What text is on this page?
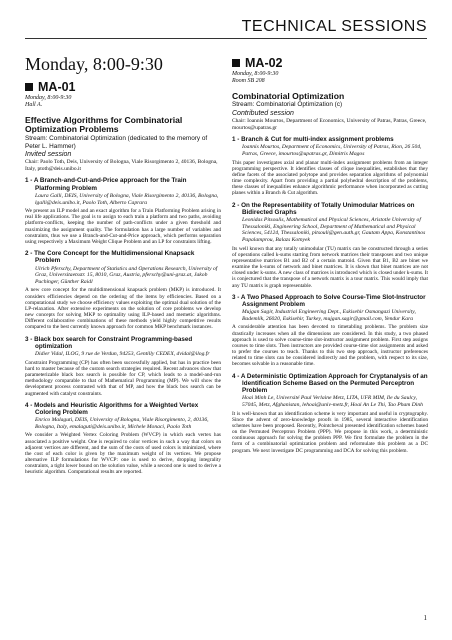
TECHNICAL SESSIONS
Monday, 8:00-9:30
MA-01
Monday, 8:00-9:30
Hall A.
Effective Algorithms for Combinatorial Optimization Problems
Stream: Combinatorial Optimization (dedicated to the memory of Peter L. Hammer)
Invited session
Chair: Paolo Toth, Deis, University of Bologna, Viale Risorgimento 2, 40136, Bologna, Italy, ptoth@deis.unibo.it
1 - A Branch-and-Cut-and-Price approach for the Train Platforming Problem
Laura Galli, DEIS, University of Bologna, Viale Risorgimento 2, 40136, Bologna, lgalli@deis.unibo.it, Paolo Toth, Alberto Caprara
We present an ILP model and an exact algorithm for a Train Platforming Problem arising in real life applications. The goal is to assign to each train a platform and two paths, avoiding platform-conflicts, keeping the number of path-conflicts under a given threshold and maximizing the assignment quality. The formulation has a large number of variables and constraints, thus we use a Branch-and-Cut-and-Price approach, which performs separation using respectively a Maximum Weight Clique Problem and an LP for constraints lifting.
2 - The Core Concept for the Multidimensional Knapsack Problem
Ulrich Pferschy, Department of Statistics and Operations Research, University of Graz, Universitaetsstr. 15, 8010, Graz, Austria, pferschy@uni-graz.at, Jakob Puchinger, Günther Raidl
A new core concept for the multidimensional knapsack problem (MKP) is introduced. It considers efficiencies depend on the ordering of the items by efficiencies. Based on a computational study we choose efficiency values exploiting the optimal dual solution of the LP-relaxation. After extensive experiments on the solution of core problems we develop new concepts for solving MKP to optimality using ILP-based and memetic algorithms. Different collaborative combinations of these methods yield highly competitive results compared to the best currently known approach for common MKP benchmark instances.
3 - Black box search for Constraint Programming-based optimization
Didier Vidal, ILOG, 9 rue de Verdun, 94253, Gentilly CEDEX, dvidal@ilog.fr
Constraint Programming (CP) has often been successfully applied, but has in practice been hard to master because of the custom search strategies required. Recent advances show that parameterizable black box search is possible for CP, which leads to a model-and-run methodology comparable to that of Mathematical Programming (MP). We will show the development process contrasted with that of MP, and how the black box search can be augmented with catalyst constraints.
4 - Models and Heuristic Algorithms for a Weighted Vertex Coloring Problem
Enrico Malaguti, DEIS, University of Bologna, Viale Risorgimento, 2, 40136, Bologna, Italy, emalaguti@deis.unibo.it, Michele Monaci, Paolo Toth
We consider a Weighted Vertex Coloring Problem (WVCP) in which each vertex has associated a positive weight. One is required to color vertices in such a way that colors on adjacent vertices are different, and the sum of the costs of used colors is minimized, where the cost of each color is given by the maximum weight of its vertices. We propose alternative ILP formulations for WVCP: one is used to derive, dropping integrality constraints, a tight lower bound on the solution value, while a second one is used to derive a heuristic algorithm. Computational results are reported.
MA-02
Monday, 8:00-9:30
Room SB 208
Combinatorial Optimization
Stream: Combinatorial Optimization (c)
Contributed session
Chair: Ioannis Mourtos, Department of Economics, University of Patras, Patras, Greece, mourtos@upatras.gr
1 - Branch & Cut for multi-index assignment problems
Ioannis Mourtos, Department of Economics, University of Patras, Rion, 26 504, Patras, Greece, imourtos@upatras.gr, Dimitris Magos
This paper investigates axial and planar multi-index assignment problems from an integer programming perspective. It identifies classes of clique inequalities, establishes that they define facets of the associated polytope and provides separation algorithms of polynomial time complexity. Apart from providing a partial polyhedral description of the problems, these classes of inequalities enhance algorithmic performance when incorporated as cutting planes within a Branch & Cut algorithm.
2 - On the Representability of Totally Unimodular Matrices on Bidirected Graphs
Leonidas Pitsoulis, Mathematical and Physical Sciences, Aristotle University of Thessaloniki, Engineering School, Department of Mathematical and Physical Sciences, 54124, Thessaloniki, pitsouli@gen.auth.gr, Gautam Appa, Konstantinos Papalamprou, Balazs Kotnyek
Its well known that any totally unimodular (TU) matrix can be constructed through a series of operations called k-sums starting from network matrices their transposes and two unique representative matrices B1 and B2 of a certain matroid. Given that B1, B2 are binet we examine the k-sums of network and binet matrices. It is shown that binet matrices are not closed under k-sums. A new class of matrices is introduced which is closed under k-sums. It is conjectured that the transpose of a network matrix is a tour matrix. This would imply that any TU matrix is graph representable.
3 - A Two Phased Approach to Solve Course-Time Slot-Instructor Assignment Problem
Mujgan Sagir, Industrial Engineering Dept., Eskisehir Osmangazi University, Bademlik, 26020, Eskisehir, Turkey, mujgan.sagir@gmail.com, Yendur Kara
A considerable attention has been devoted to timetabling problems. The problem size drastically increases when all the dimensions are considered. In this study, a two phased approach is used to solve course-time slot-instructor assignment problem. First step assigns courses to time slots. Then instructors are provided course-time slot assignments and asked to prefer the courses to teach. Thanks to this two step approach, instructor preferences related to time slots can be considered indirectly and the problem, with respect to its size, becomes solvable in a reasonable time.
4 - A Deterministic Optimization Approach for Cryptanalysis of an Identification Scheme Based on the Permuted Perceptron Problem
Hoai Minh Le, Université Paul Verlaine Metz, LITA, UFR MIM, Ile du Saulcy, 57045, Metz, Afghanistan, lehoai@univ-metz.fr, Hoai An Le Thi, Tao Pham Dinh
It is well-known that an identification scheme is very important and useful in cryptography. Since the advent of zero-knowledge proofs in 1985, several interactive identification schemes have been proposed. Recently, Pointcheval presented identification schemes based on the Permuted Perceptron Problem (PPP). We propose in this work, a deterministic continuous approach for solving the problem PPP. We first formulate the problem in the form of a combinatorial optimization problem and reformulate this problem as a DC program. We next investigate DC programming and DCA for solving this problem.
1
